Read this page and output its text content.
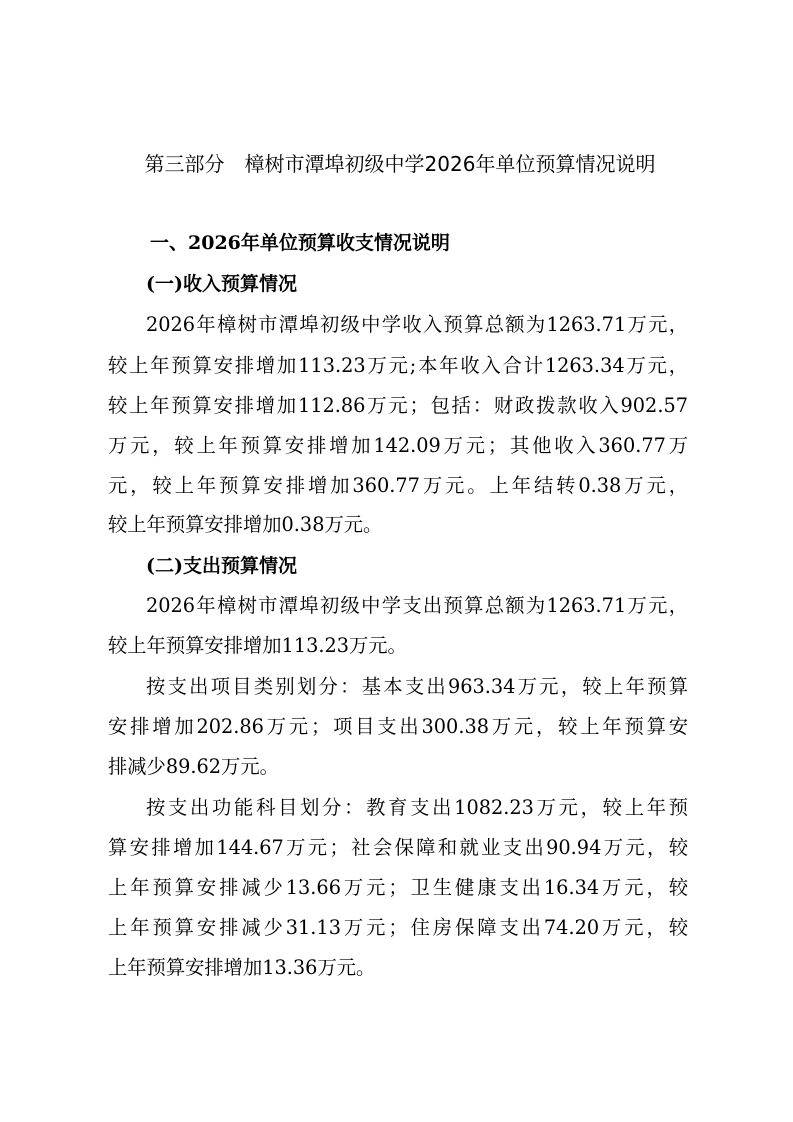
第三部分　樟树市潭埠初级中学2026年单位预算情况说明
一、2026年单位预算收支情况说明
(一)收入预算情况
2026年樟树市潭埠初级中学收入预算总额为1263.71万元，
较上年预算安排增加113.23万元;本年收入合计1263.34万元，
较上年预算安排增加112.86万元；包括：财政拨款收入902.57
万元，较上年预算安排增加142.09万元；其他收入360.77万
元，较上年预算安排增加360.77万元。上年结转0.38万元，
较上年预算安排增加0.38万元。
(二)支出预算情况
2026年樟树市潭埠初级中学支出预算总额为1263.71万元，
较上年预算安排增加113.23万元。
按支出项目类别划分：基本支出963.34万元，较上年预算
安排增加202.86万元；项目支出300.38万元，较上年预算安
排减少89.62万元。
按支出功能科目划分：教育支出1082.23万元，较上年预
算安排增加144.67万元；社会保障和就业支出90.94万元，较
上年预算安排减少13.66万元；卫生健康支出16.34万元，较
上年预算安排减少31.13万元；住房保障支出74.20万元，较
上年预算安排增加13.36万元。
